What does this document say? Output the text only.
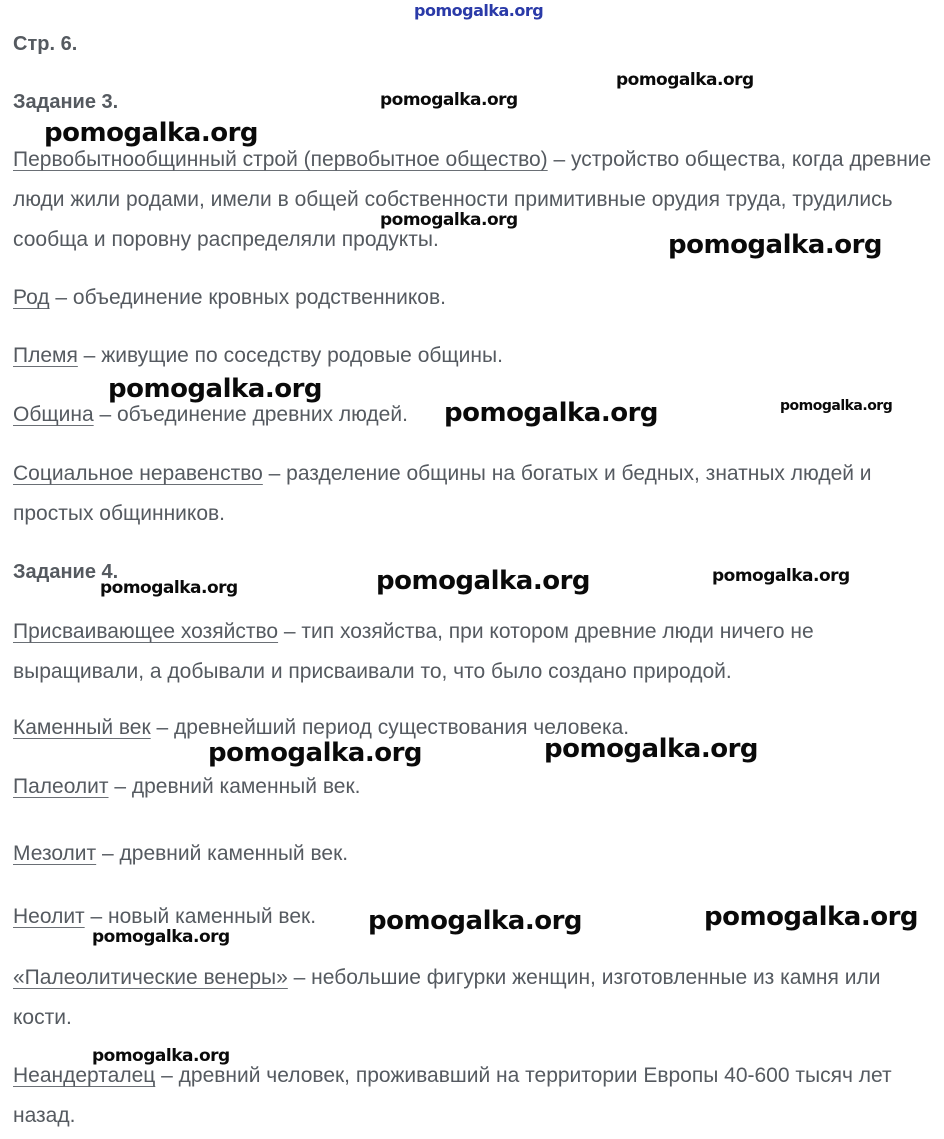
pomogalka.org
Стр. 6.
Задание 3.

Первобытнообщинный строй (первобытное общество) – устройство общества, когда древние люди жили родами, имели в общей собственности примитивные орудия труда, трудились сообща и поровну распределяли продукты.

Род – объединение кровных родственников.

Племя – живущие по соседству родовые общины.

Община – объединение древних людей.

Социальное неравенство – разделение общины на богатых и бедных, знатных людей и простых общинников.

Задание 4.

Присваивающее хозяйство – тип хозяйства, при котором древние люди ничего не выращивали, а добывали и присваивали то, что было создано природой.

Каменный век – древнейший период существования человека.

Палеолит – древний каменный век.

Мезолит – древний каменный век.

Неолит – новый каменный век.

«Палеолитические венеры» – небольшие фигурки женщин, изготовленные из камня или кости.

Неандерталец – древний человек, проживавший на территории Европы 40-600 тысяч лет назад.

pomogalka.org
pomogalka.org
pomogalka.org
pomogalka.org
pomogalka.org
pomogalka.org
pomogalka.org	pomogalka.org
pomogalka.org	pomogalka.org
pomogalka.org
pomogalka.org	pomogalka.org
pomogalka.org	pomogalka.org
pomogalka.org
pomogalka.org
